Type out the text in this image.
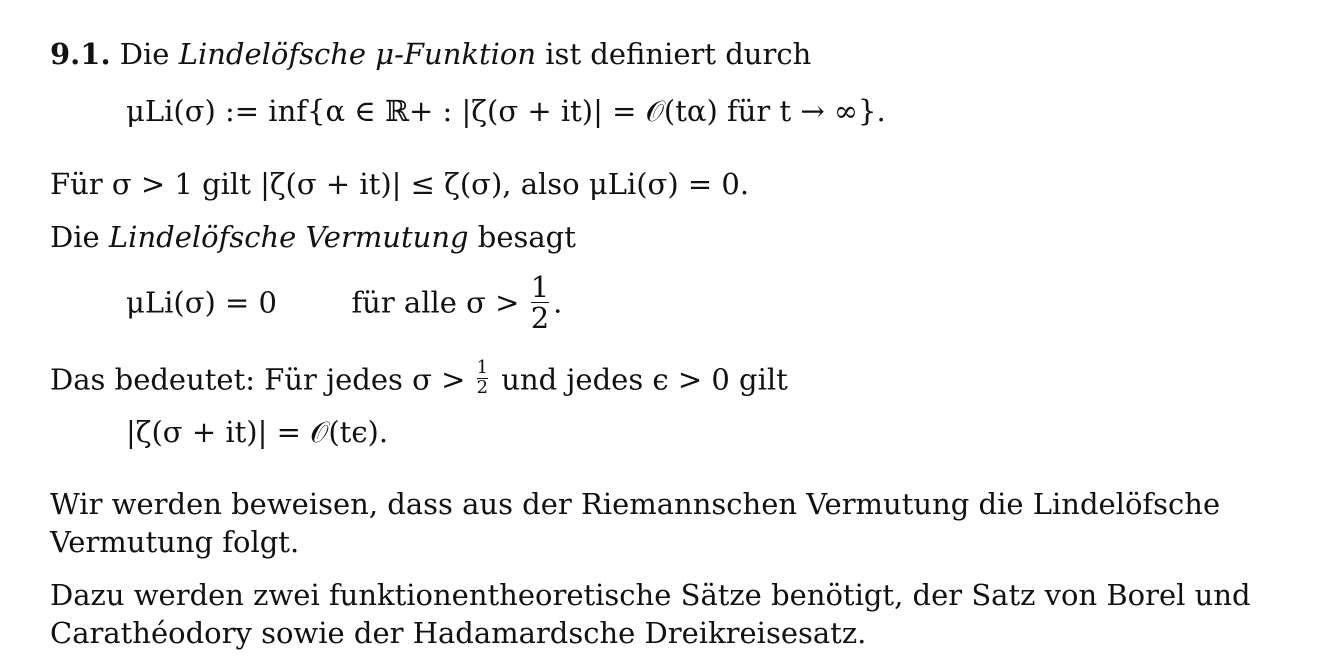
9.1. Die Lindelöfsche μ-Funktion ist definiert durch
μLi(σ) := inf{α ∈ ℝ+ : |ζ(σ + it)| = 𝒪(tα) für t → ∞}.
Für σ > 1 gilt |ζ(σ + it)| ≤ ζ(σ), also μLi(σ) = 0.
Die Lindelöfsche Vermutung besagt
μLi(σ) = 0	für alle $\sigma > \frac{1}{2}$ .
Das bedeutet: Für jedes $\sigma > \frac{1}{2}$ und jedes ϵ > 0 gilt
|ζ(σ + it)| = 𝒪(tϵ).
Wir werden beweisen, dass aus der Riemannschen Vermutung die Lindelöfsche
Vermutung folgt.
Dazu werden zwei funktionentheoretische Sätze benötigt, der Satz von Borel und
Carathéodory sowie der Hadamardsche Dreikreisesatz.
